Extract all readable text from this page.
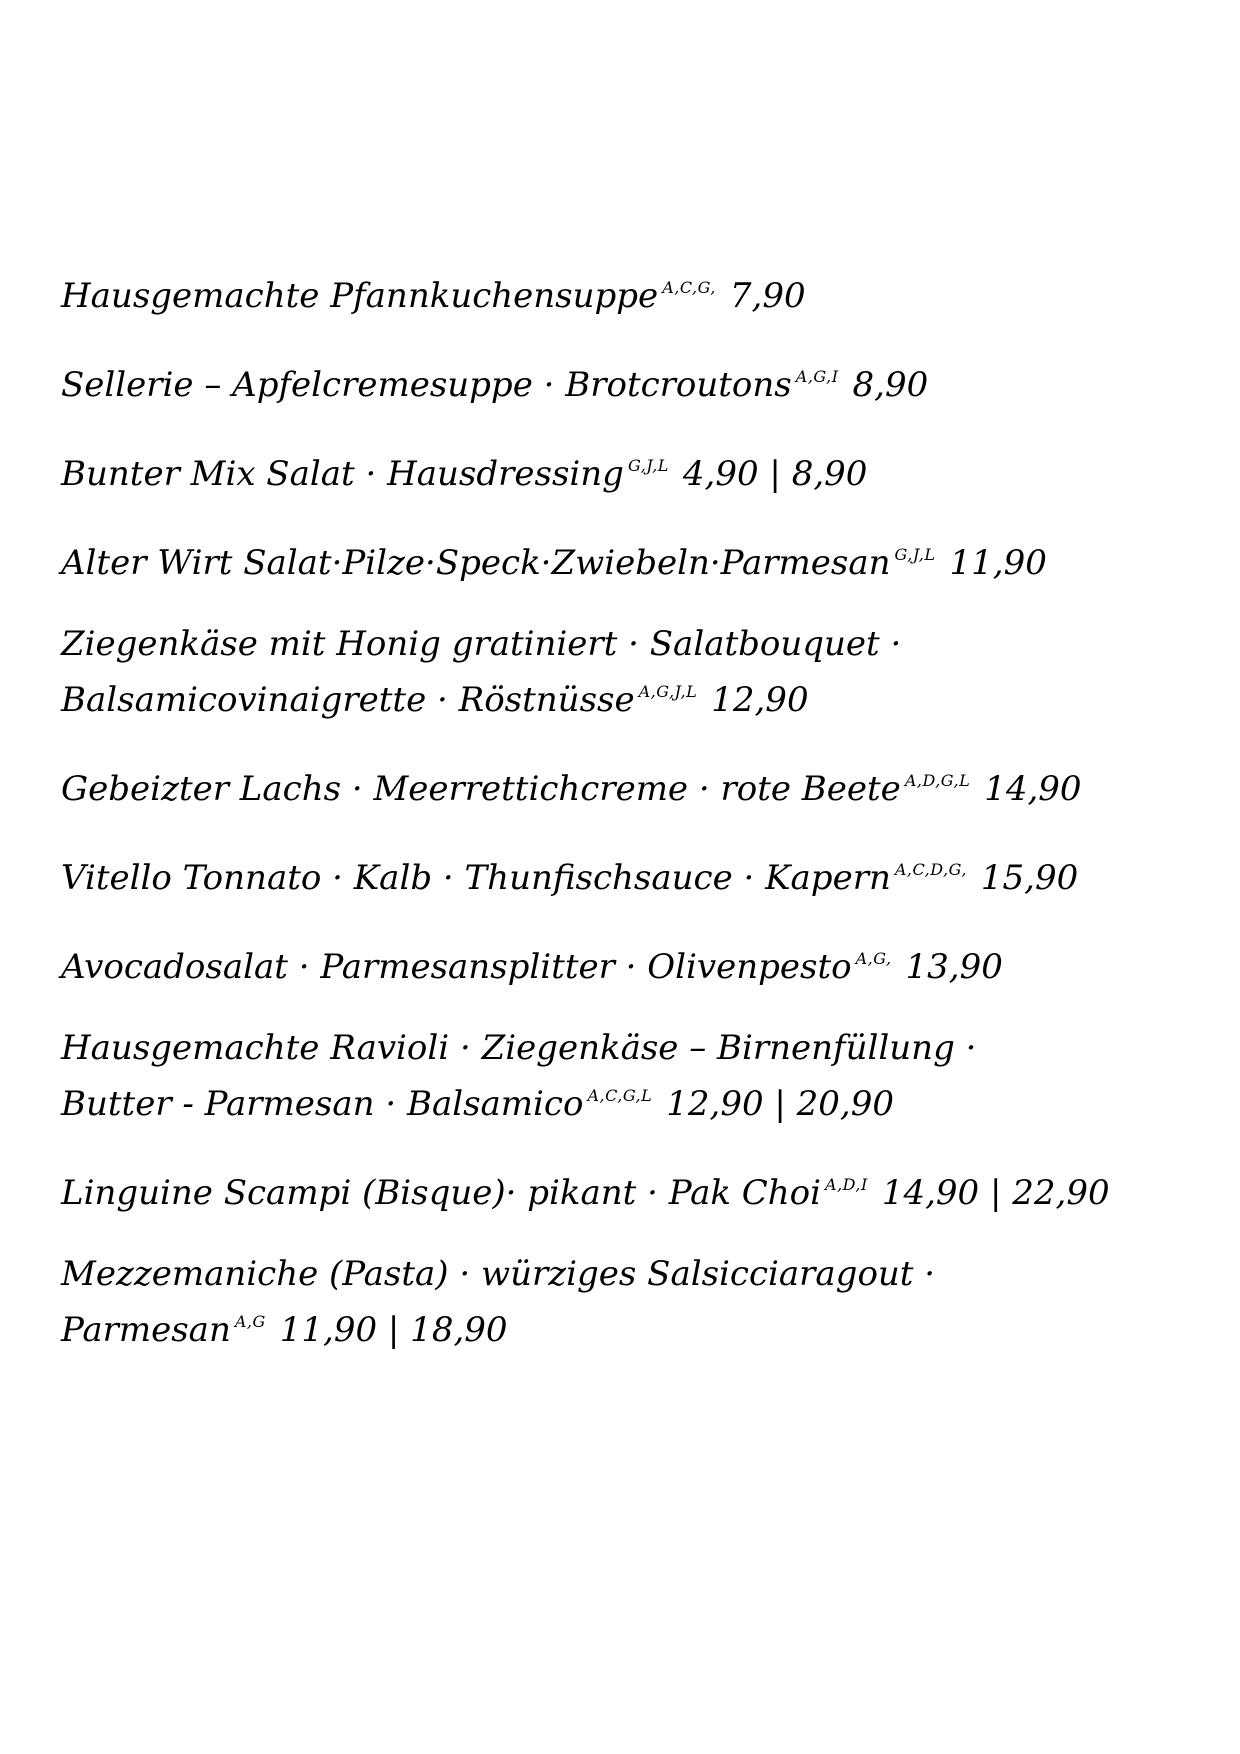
Hausgemachte Pfannkuchensuppe $^{A,C,G,}$ 7,90
Sellerie – Apfelcremesuppe · Brotcroutons $^{A,G,I}$ 8,90
Bunter Mix Salat · Hausdressing $^{G,J,L}$ 4,90 | 8,90
Alter Wirt Salat·Pilze·Speck·Zwiebeln·Parmesan $^{G,J,L}$ 11,90
Ziegenkäse mit Honig gratiniert · Salatbouquet ·
Balsamicovinaigrette · Röstnüsse $^{A,G,J,L}$ 12,90
Gebeizter Lachs · Meerrettichcreme · rote Beete $^{A,D,G,L}$ 14,90
Vitello Tonnato · Kalb · Thunfischsauce · Kapern $^{A,C,D,G,}$ 15,90
Avocadosalat · Parmesansplitter · Olivenpesto $^{A,G,}$ 13,90
Hausgemachte Ravioli · Ziegenkäse – Birnenfüllung ·
Butter - Parmesan · Balsamico $^{A,C,G,L}$ 12,90 | 20,90
Linguine Scampi (Bisque)· pikant · Pak Choi $^{A,D,I}$ 14,90 | 22,90
Mezzemaniche (Pasta) · würziges Salsicciaragout ·
Parmesan $^{A,G}$ 11,90 | 18,90
